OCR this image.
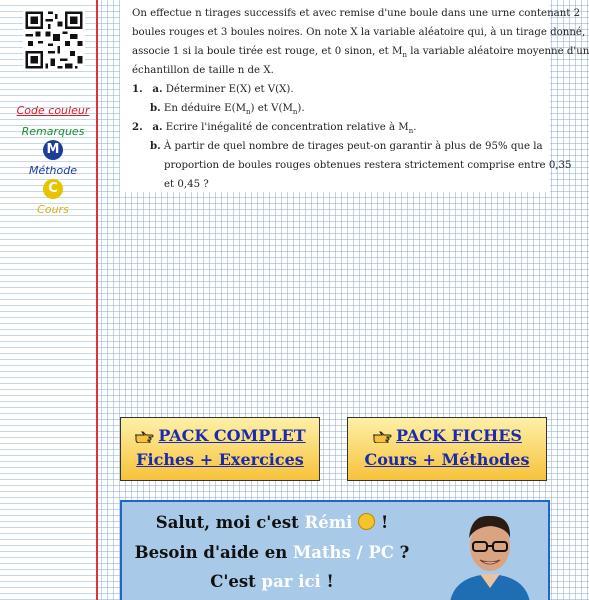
Code couleur
Remarques
M
Méthode
C
Cours
On effectue n tirages successifs et avec remise d'une boule dans une urne contenant 2
boules rouges et 3 boules noires. On note X la variable aléatoire qui, à un tirage donné,
associe 1 si la boule tirée est rouge, et 0 sinon, et $M_n$ la variable aléatoire moyenne d'un
échantillon de taille n de X.
1. a. Déterminer E(X) et V(X).
b. En déduire $E(M_n)$ et $V(M_n)$.
2. a. Ecrire l'inégalité de concentration relative à $M_n$.
b. À partir de quel nombre de tirages peut-on garantir à plus de 95% que la
proportion de boules rouges obtenues restera strictement comprise entre 0,35
et 0,45 ?
PACK COMPLET
Fiches + Exercices
PACK FICHES
Cours + Méthodes
Salut, moi c'est Rémi  !
Besoin d'aide en Maths / PC ?
C'est par ici !
